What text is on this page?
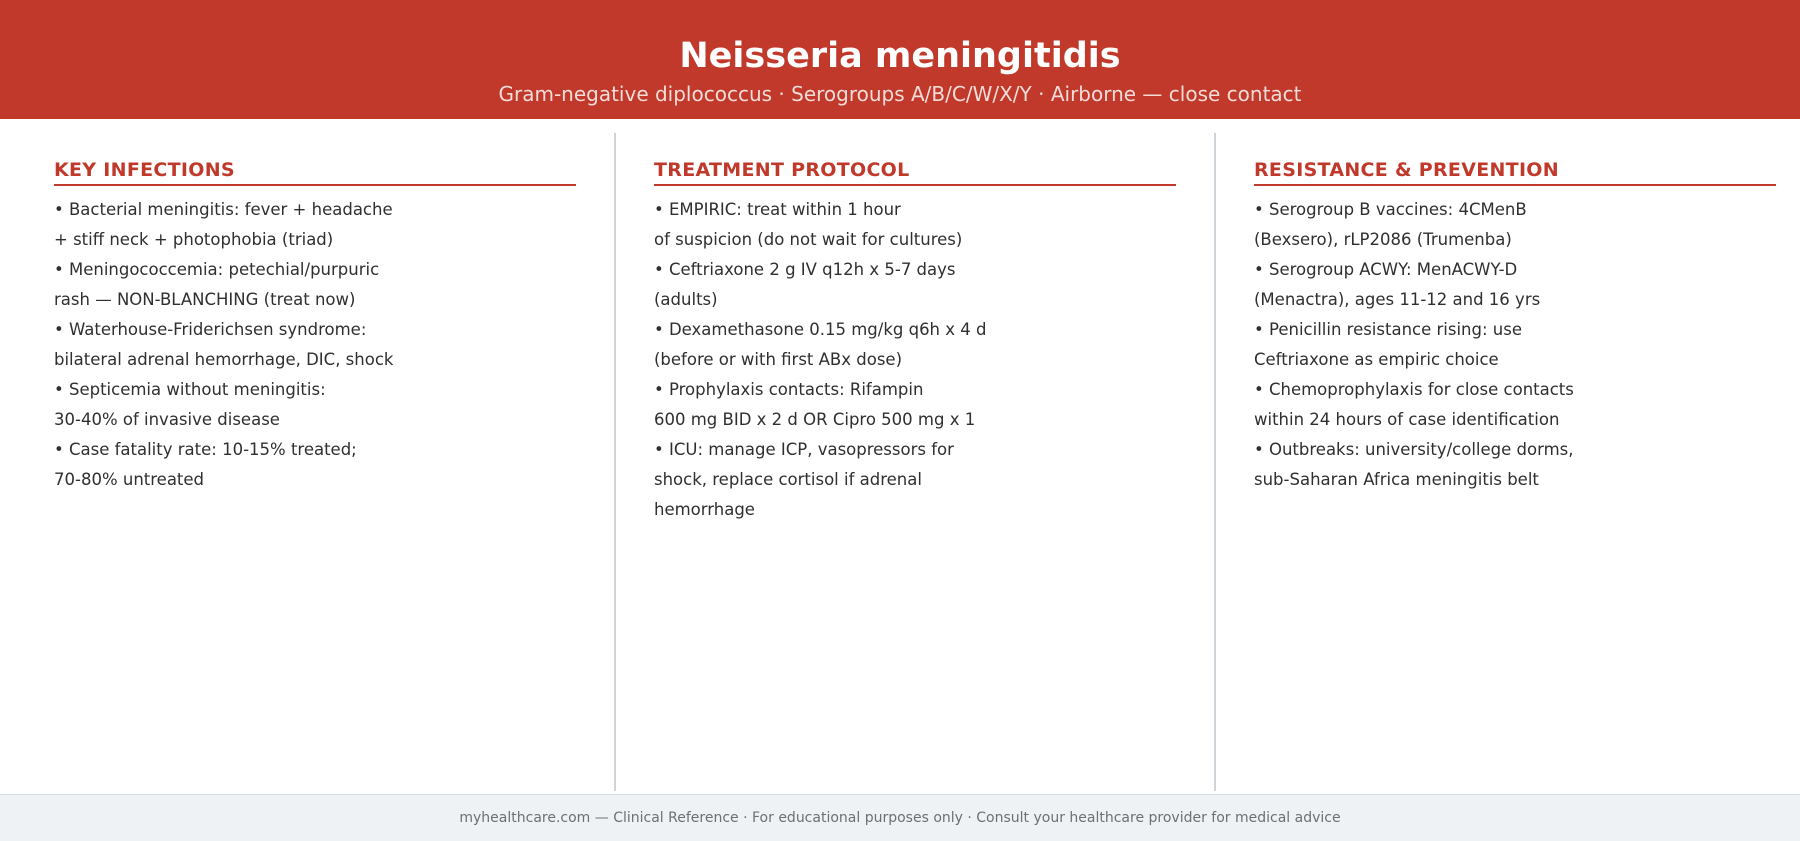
Neisseria meningitidis
Gram-negative diplococcus · Serogroups A/B/C/W/X/Y · Airborne — close contact
KEY INFECTIONS
• Bacterial meningitis: fever + headache
+ stiff neck + photophobia (triad)
• Meningococcemia: petechial/purpuric
rash — NON-BLANCHING (treat now)
• Waterhouse-Friderichsen syndrome:
bilateral adrenal hemorrhage, DIC, shock
• Septicemia without meningitis:
30-40% of invasive disease
• Case fatality rate: 10-15% treated;
70-80% untreated
TREATMENT PROTOCOL
• EMPIRIC: treat within 1 hour
of suspicion (do not wait for cultures)
• Ceftriaxone 2 g IV q12h x 5-7 days
(adults)
• Dexamethasone 0.15 mg/kg q6h x 4 d
(before or with first ABx dose)
• Prophylaxis contacts: Rifampin
600 mg BID x 2 d OR Cipro 500 mg x 1
• ICU: manage ICP, vasopressors for
shock, replace cortisol if adrenal
hemorrhage
RESISTANCE & PREVENTION
• Serogroup B vaccines: 4CMenB
(Bexsero), rLP2086 (Trumenba)
• Serogroup ACWY: MenACWY-D
(Menactra), ages 11-12 and 16 yrs
• Penicillin resistance rising: use
Ceftriaxone as empiric choice
• Chemoprophylaxis for close contacts
within 24 hours of case identification
• Outbreaks: university/college dorms,
sub-Saharan Africa meningitis belt
myhealthcare.com — Clinical Reference · For educational purposes only · Consult your healthcare provider for medical advice
